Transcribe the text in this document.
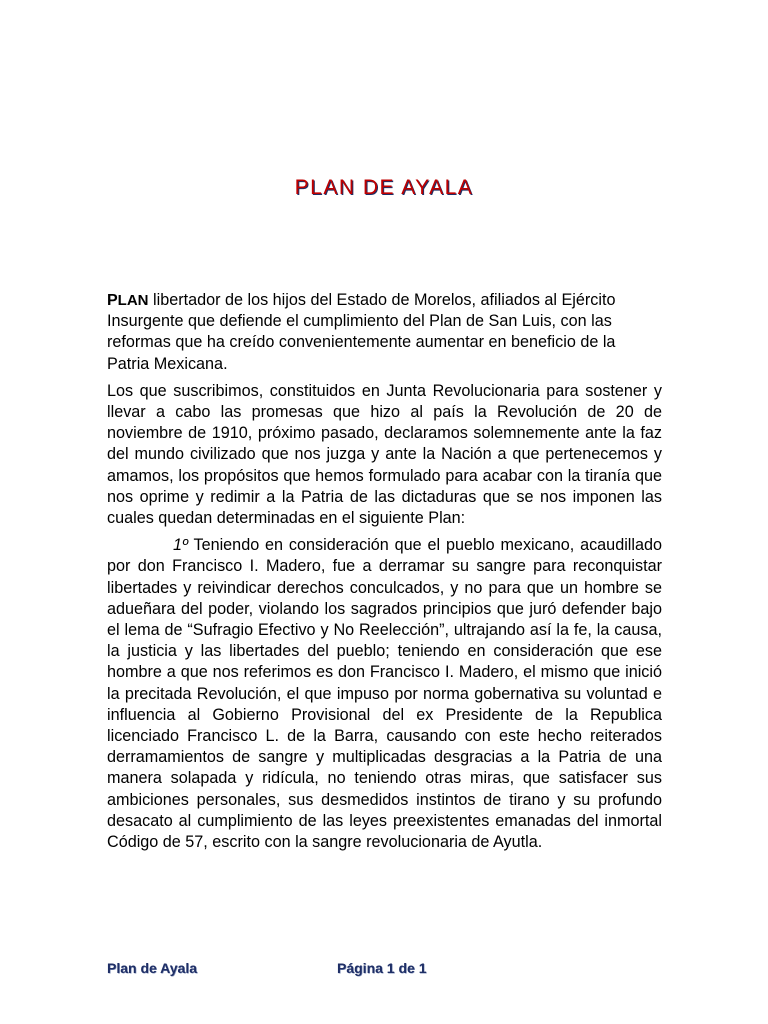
PLAN DE AYALA

PLAN libertador de los hijos del Estado de Morelos, afiliados al Ejército Insurgente que defiende el cumplimiento del Plan de San Luis, con las reformas que ha creído convenientemente aumentar en beneficio de la Patria Mexicana.

Los que suscribimos, constituidos en Junta Revolucionaria para sostener y llevar a cabo las promesas que hizo al país la Revolución de 20 de noviembre de 1910, próximo pasado, declaramos solemnemente ante la faz del mundo civilizado que nos juzga y ante la Nación a que pertenecemos y amamos, los propósitos que hemos formulado para acabar con la tiranía que nos oprime y redimir a la Patria de las dictaduras que se nos imponen las cuales quedan determinadas en el siguiente Plan:

1º Teniendo en consideración que el pueblo mexicano, acaudillado por don Francisco I. Madero, fue a derramar su sangre para reconquistar libertades y reivindicar derechos conculcados, y no para que un hombre se adueñara del poder, violando los sagrados principios que juró defender bajo el lema de “Sufragio Efectivo y No Reelección”, ultrajando así la fe, la causa, la justicia y las libertades del pueblo; teniendo en consideración que ese hombre a que nos referimos es don Francisco I. Madero, el mismo que inició la precitada Revolución, el que impuso por norma gobernativa su voluntad e influencia al Gobierno Provisional del ex Presidente de la Republica licenciado Francisco L. de la Barra, causando con este hecho reiterados derramamientos de sangre y multiplicadas desgracias a la Patria de una manera solapada y ridícula, no teniendo otras miras, que satisfacer sus ambiciones personales, sus desmedidos instintos de tirano y su profundo desacato al cumplimiento de las leyes preexistentes emanadas del inmortal Código de 57, escrito con la sangre revolucionaria de Ayutla.

Plan de Ayala	Página 1 de 1
